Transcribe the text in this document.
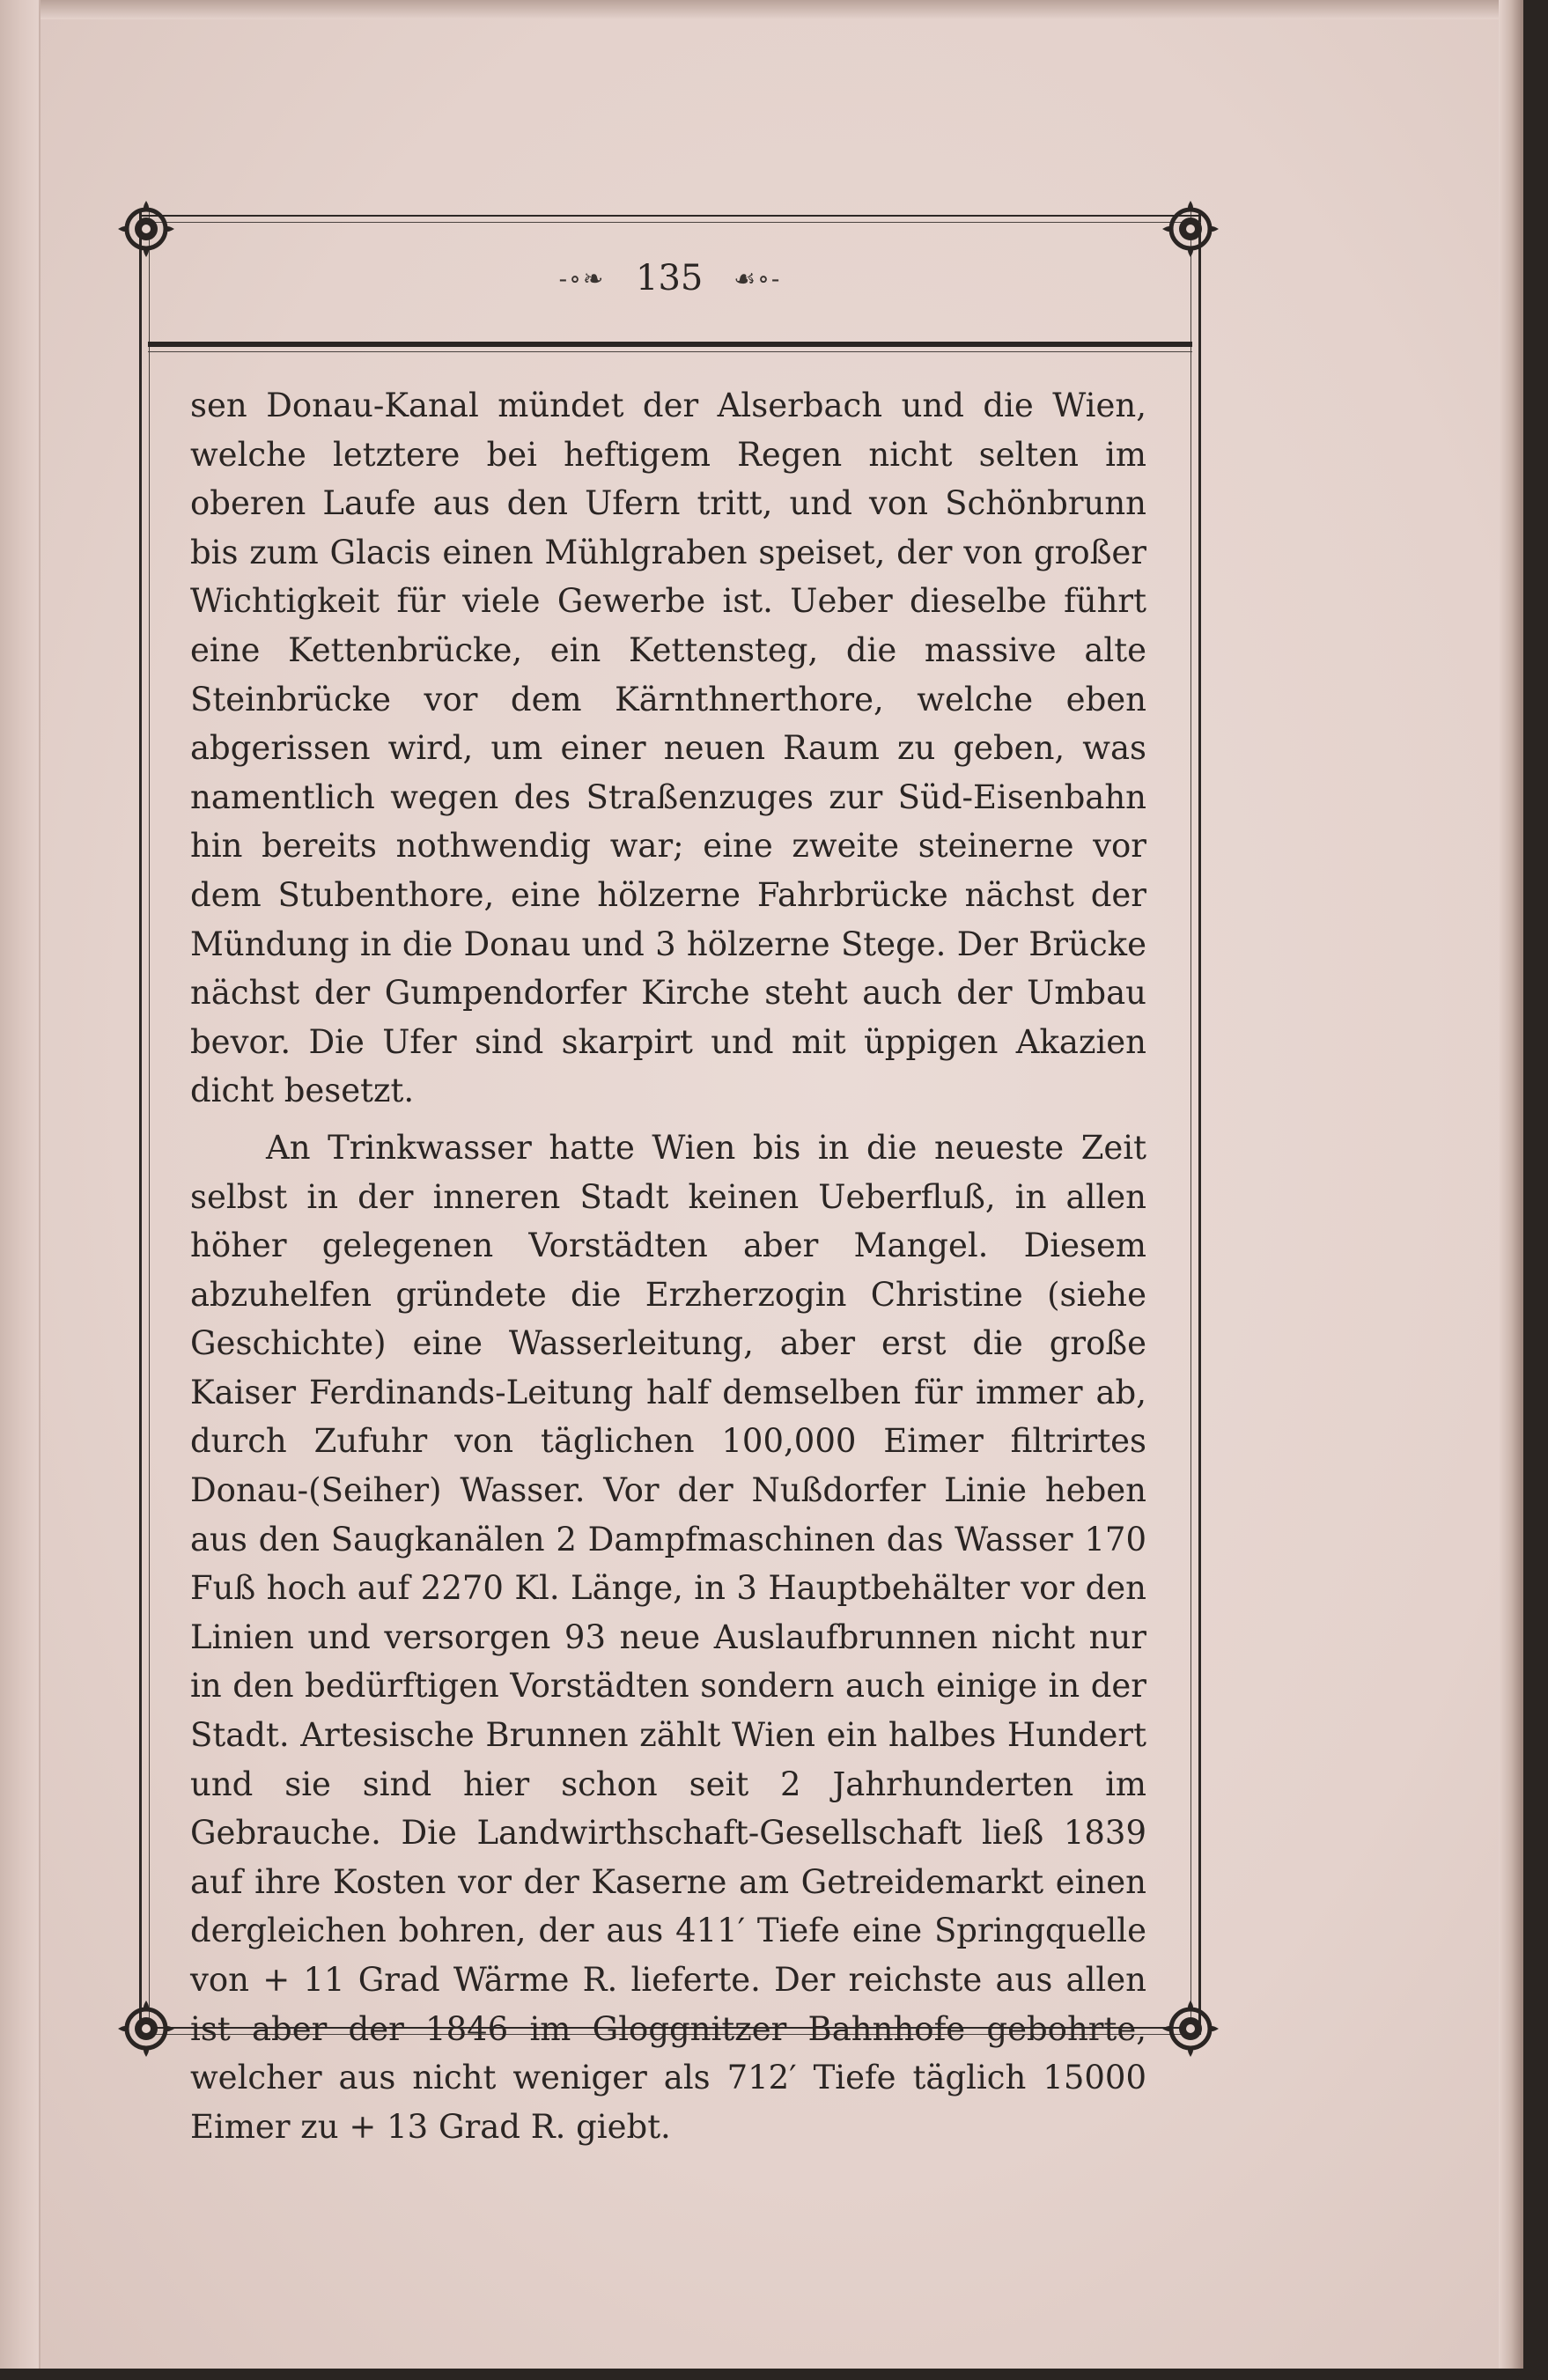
-∘❧ 135 ☙∘-

sen Donau-Kanal mündet der Alserbach und die Wien, welche letztere bei heftigem Regen nicht selten im oberen Laufe aus den Ufern tritt, und von Schönbrunn bis zum Glacis einen Mühlgraben speiset, der von großer Wichtigkeit für viele Gewerbe ist. Ueber dieselbe führt eine Kettenbrücke, ein Kettensteg, die massive alte Steinbrücke vor dem Kärnthnerthore, welche eben abgerissen wird, um einer neuen Raum zu geben, was namentlich wegen des Straßenzuges zur Süd-Eisenbahn hin bereits nothwendig war; eine zweite steinerne vor dem Stubenthore, eine hölzerne Fahrbrücke nächst der Mündung in die Donau und 3 hölzerne Stege. Der Brücke nächst der Gumpendorfer Kirche steht auch der Umbau bevor. Die Ufer sind skarpirt und mit üppigen Akazien dicht besetzt.

An Trinkwasser hatte Wien bis in die neueste Zeit selbst in der inneren Stadt keinen Ueberfluß, in allen höher gelegenen Vorstädten aber Mangel. Diesem abzuhelfen gründete die Erzherzogin Christine (siehe Geschichte) eine Wasserleitung, aber erst die große Kaiser Ferdinands-Leitung half demselben für immer ab, durch Zufuhr von täglichen 100,000 Eimer filtrirtes Donau-(Seiher) Wasser. Vor der Nußdorfer Linie heben aus den Saugkanälen 2 Dampfmaschinen das Wasser 170 Fuß hoch auf 2270 Kl. Länge, in 3 Hauptbehälter vor den Linien und versorgen 93 neue Auslaufbrunnen nicht nur in den bedürftigen Vorstädten sondern auch einige in der Stadt. Artesische Brunnen zählt Wien ein halbes Hundert und sie sind hier schon seit 2 Jahrhunderten im Gebrauche. Die Landwirthschaft-Gesellschaft ließ 1839 auf ihre Kosten vor der Kaserne am Getreidemarkt einen dergleichen bohren, der aus 411′ Tiefe eine Springquelle von + 11 Grad Wärme R. lieferte. Der reichste aus allen ist aber der 1846 im Gloggnitzer Bahnhofe gebohrte, welcher aus nicht weniger als 712′ Tiefe täglich 15000 Eimer zu + 13 Grad R. giebt.
